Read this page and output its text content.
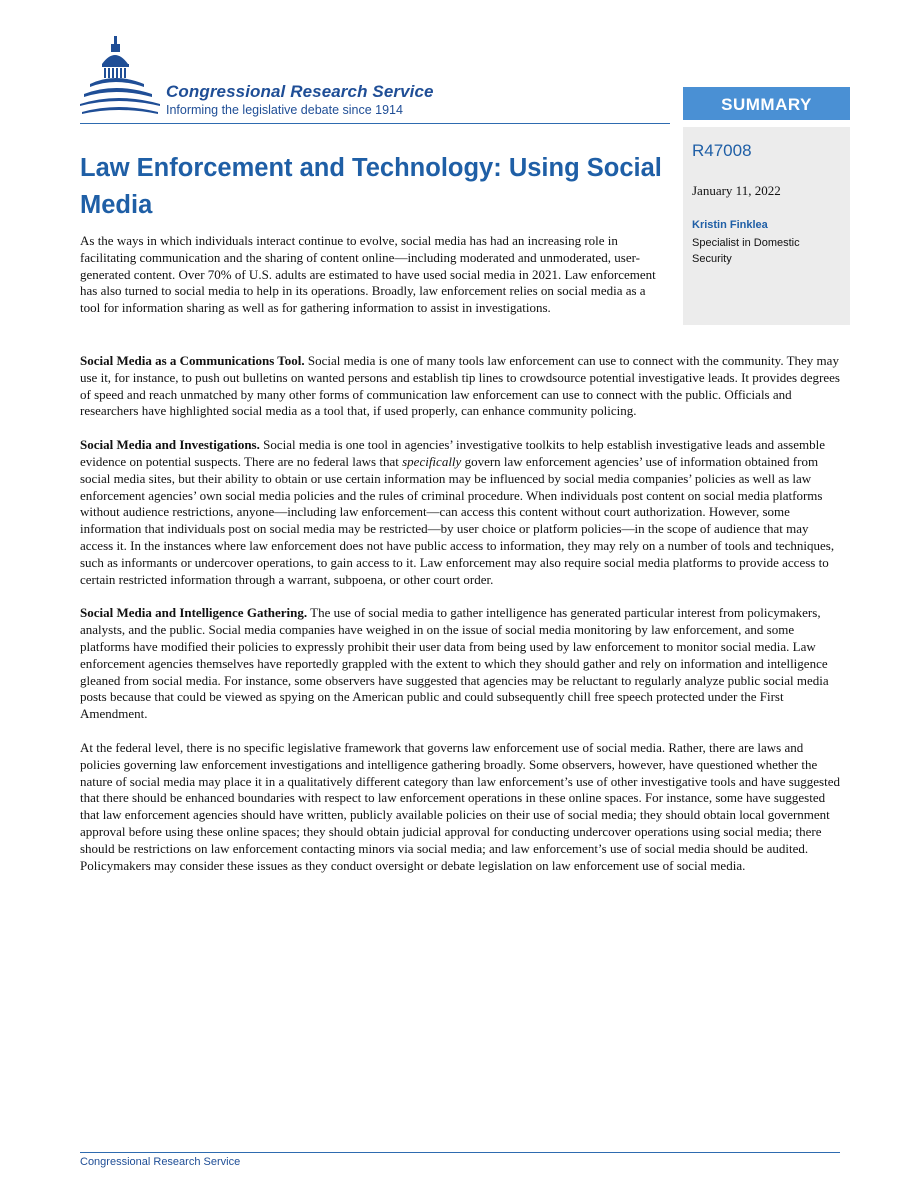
Congressional Research Service
Informing the legislative debate since 1914	SUMMARY
R47008
January 11, 2022
Kristin Finklea
Specialist in Domestic Security
Law Enforcement and Technology: Using Social Media

As the ways in which individuals interact continue to evolve, social media has had an increasing role in facilitating communication and the sharing of content online—including moderated and unmoderated, user-generated content. Over 70% of U.S. adults are estimated to have used social media in 2021. Law enforcement has also turned to social media to help in its operations. Broadly, law enforcement relies on social media as a tool for information sharing as well as for gathering information to assist in investigations.

Social Media as a Communications Tool. Social media is one of many tools law enforcement can use to connect with the community. They may use it, for instance, to push out bulletins on wanted persons and establish tip lines to crowdsource potential investigative leads. It provides degrees of speed and reach unmatched by many other forms of communication law enforcement can use to connect with the public. Officials and researchers have highlighted social media as a tool that, if used properly, can enhance community policing.

Social Media and Investigations. Social media is one tool in agencies’ investigative toolkits to help establish investigative leads and assemble evidence on potential suspects. There are no federal laws that specifically govern law enforcement agencies’ use of information obtained from social media sites, but their ability to obtain or use certain information may be influenced by social media companies’ policies as well as law enforcement agencies’ own social media policies and the rules of criminal procedure. When individuals post content on social media platforms without audience restrictions, anyone—including law enforcement—can access this content without court authorization. However, some information that individuals post on social media may be restricted—by user choice or platform policies—in the scope of audience that may access it. In the instances where law enforcement does not have public access to information, they may rely on a number of tools and techniques, such as informants or undercover operations, to gain access to it. Law enforcement may also require social media platforms to provide access to certain restricted information through a warrant, subpoena, or other court order.

Social Media and Intelligence Gathering. The use of social media to gather intelligence has generated particular interest from policymakers, analysts, and the public. Social media companies have weighed in on the issue of social media monitoring by law enforcement, and some platforms have modified their policies to expressly prohibit their user data from being used by law enforcement to monitor social media. Law enforcement agencies themselves have reportedly grappled with the extent to which they should gather and rely on information and intelligence gleaned from social media. For instance, some observers have suggested that agencies may be reluctant to regularly analyze public social media posts because that could be viewed as spying on the American public and could subsequently chill free speech protected under the First Amendment.

At the federal level, there is no specific legislative framework that governs law enforcement use of social media. Rather, there are laws and policies governing law enforcement investigations and intelligence gathering broadly. Some observers, however, have questioned whether the nature of social media may place it in a qualitatively different category than law enforcement’s use of other investigative tools and have suggested that there should be enhanced boundaries with respect to law enforcement operations in these online spaces. For instance, some have suggested that law enforcement agencies should have written, publicly available policies on their use of social media; they should obtain local government approval before using these online spaces; they should obtain judicial approval for conducting undercover operations using social media; there should be restrictions on law enforcement contacting minors via social media; and law enforcement’s use of social media should be audited. Policymakers may consider these issues as they conduct oversight or debate legislation on law enforcement use of social media.

Congressional Research Service
